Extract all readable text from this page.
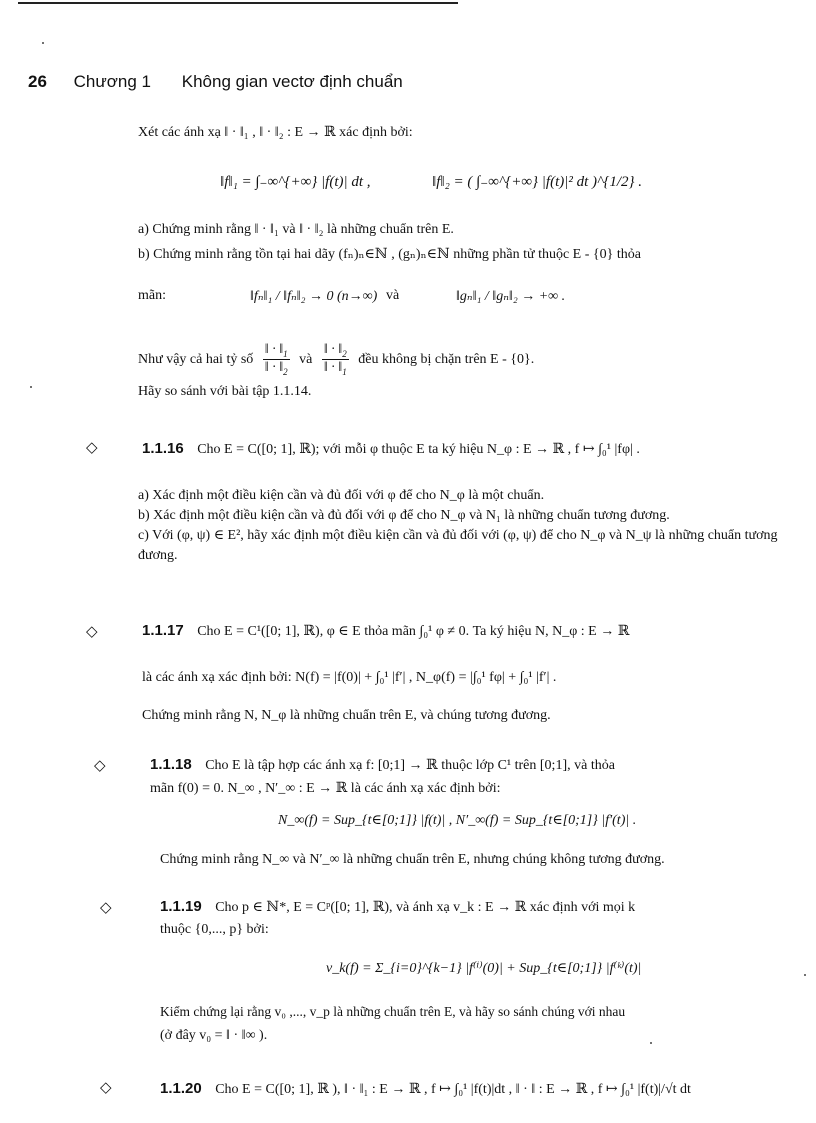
26 Chương 1 Không gian vectơ định chuẩn
Xét các ánh xạ ‖ · ‖₁ , ‖ · ‖₂ : E → ℝ xác định bởi:
‖f‖₁ = ∫₋∞^{+∞} |f(t)| dt ,	‖f‖₂ = ( ∫₋∞^{+∞} |f(t)|² dt )^{1/2} .
a) Chứng minh rằng ‖ · ‖₁ và ‖ · ‖₂ là những chuẩn trên E.
b) Chứng minh rằng tồn tại hai dãy (fₙ)ₙ∈ℕ , (gₙ)ₙ∈ℕ những phần tử thuộc E - {0} thỏa
mãn:	‖fₙ‖₁ / ‖fₙ‖₂ → 0 (n→∞) và	‖gₙ‖₁ / ‖gₙ‖₂ → +∞ .
Như vậy cả hai tỷ số $\frac{‖ \cdot ‖_1}{‖ \cdot ‖_2}$ và $\frac{‖ \cdot ‖_2}{‖ \cdot ‖_1}$ đều không bị chặn trên E - {0}.
Hãy so sánh với bài tập 1.1.14.
◇	1.1.16 Cho E = C([0; 1], ℝ); với mỗi φ thuộc E ta ký hiệu N_φ : E → ℝ , f ↦ ∫₀¹ |fφ| .
a) Xác định một điều kiện cần và đủ đối với φ để cho N_φ là một chuẩn.
b) Xác định một điều kiện cần và đủ đối với φ để cho N_φ và N₁ là những chuẩn tương đương.
c) Với (φ, ψ) ∈ E², hãy xác định một điều kiện cần và đủ đối với (φ, ψ) để cho N_φ và N_ψ là những chuẩn tương đương.
◇	1.1.17 Cho E = C¹([0; 1], ℝ), φ ∈ E thỏa mãn ∫₀¹ φ ≠ 0. Ta ký hiệu N, N_φ : E → ℝ
là các ánh xạ xác định bởi: N(f) = |f(0)| + ∫₀¹ |f′| , N_φ(f) = |∫₀¹ fφ| + ∫₀¹ |f′| .
Chứng minh rằng N, N_φ là những chuẩn trên E, và chúng tương đương.
◇	1.1.18 Cho E là tập hợp các ánh xạ f: [0;1] → ℝ thuộc lớp C¹ trên [0;1], và thỏa
mãn f(0) = 0. N_∞ , N′_∞ : E → ℝ là các ánh xạ xác định bởi:
N_∞(f) = Sup_{t∈[0;1]} |f(t)| , N′_∞(f) = Sup_{t∈[0;1]} |f′(t)| .
Chứng minh rằng N_∞ và N′_∞ là những chuẩn trên E, nhưng chúng không tương đương.
◇	1.1.19 Cho p ∈ ℕ*, E = Cᵖ([0; 1], ℝ), và ánh xạ v_k : E → ℝ xác định với mọi k
thuộc {0,..., p} bởi:
v_k(f) = Σ_{i=0}^{k−1} |f⁽ⁱ⁾(0)| + Sup_{t∈[0;1]} |f⁽ᵏ⁾(t)|
Kiểm chứng lại rằng v₀ ,..., v_p là những chuẩn trên E, và hãy so sánh chúng với nhau
(ở đây v₀ = ‖ · ‖∞ ).
◇	1.1.20 Cho E = C([0; 1], ℝ ), ‖ · ‖₁ : E → ℝ , f ↦ ∫₀¹ |f(t)|dt , ‖ · ‖ : E → ℝ , f ↦ ∫₀¹ |f(t)|/√t dt
